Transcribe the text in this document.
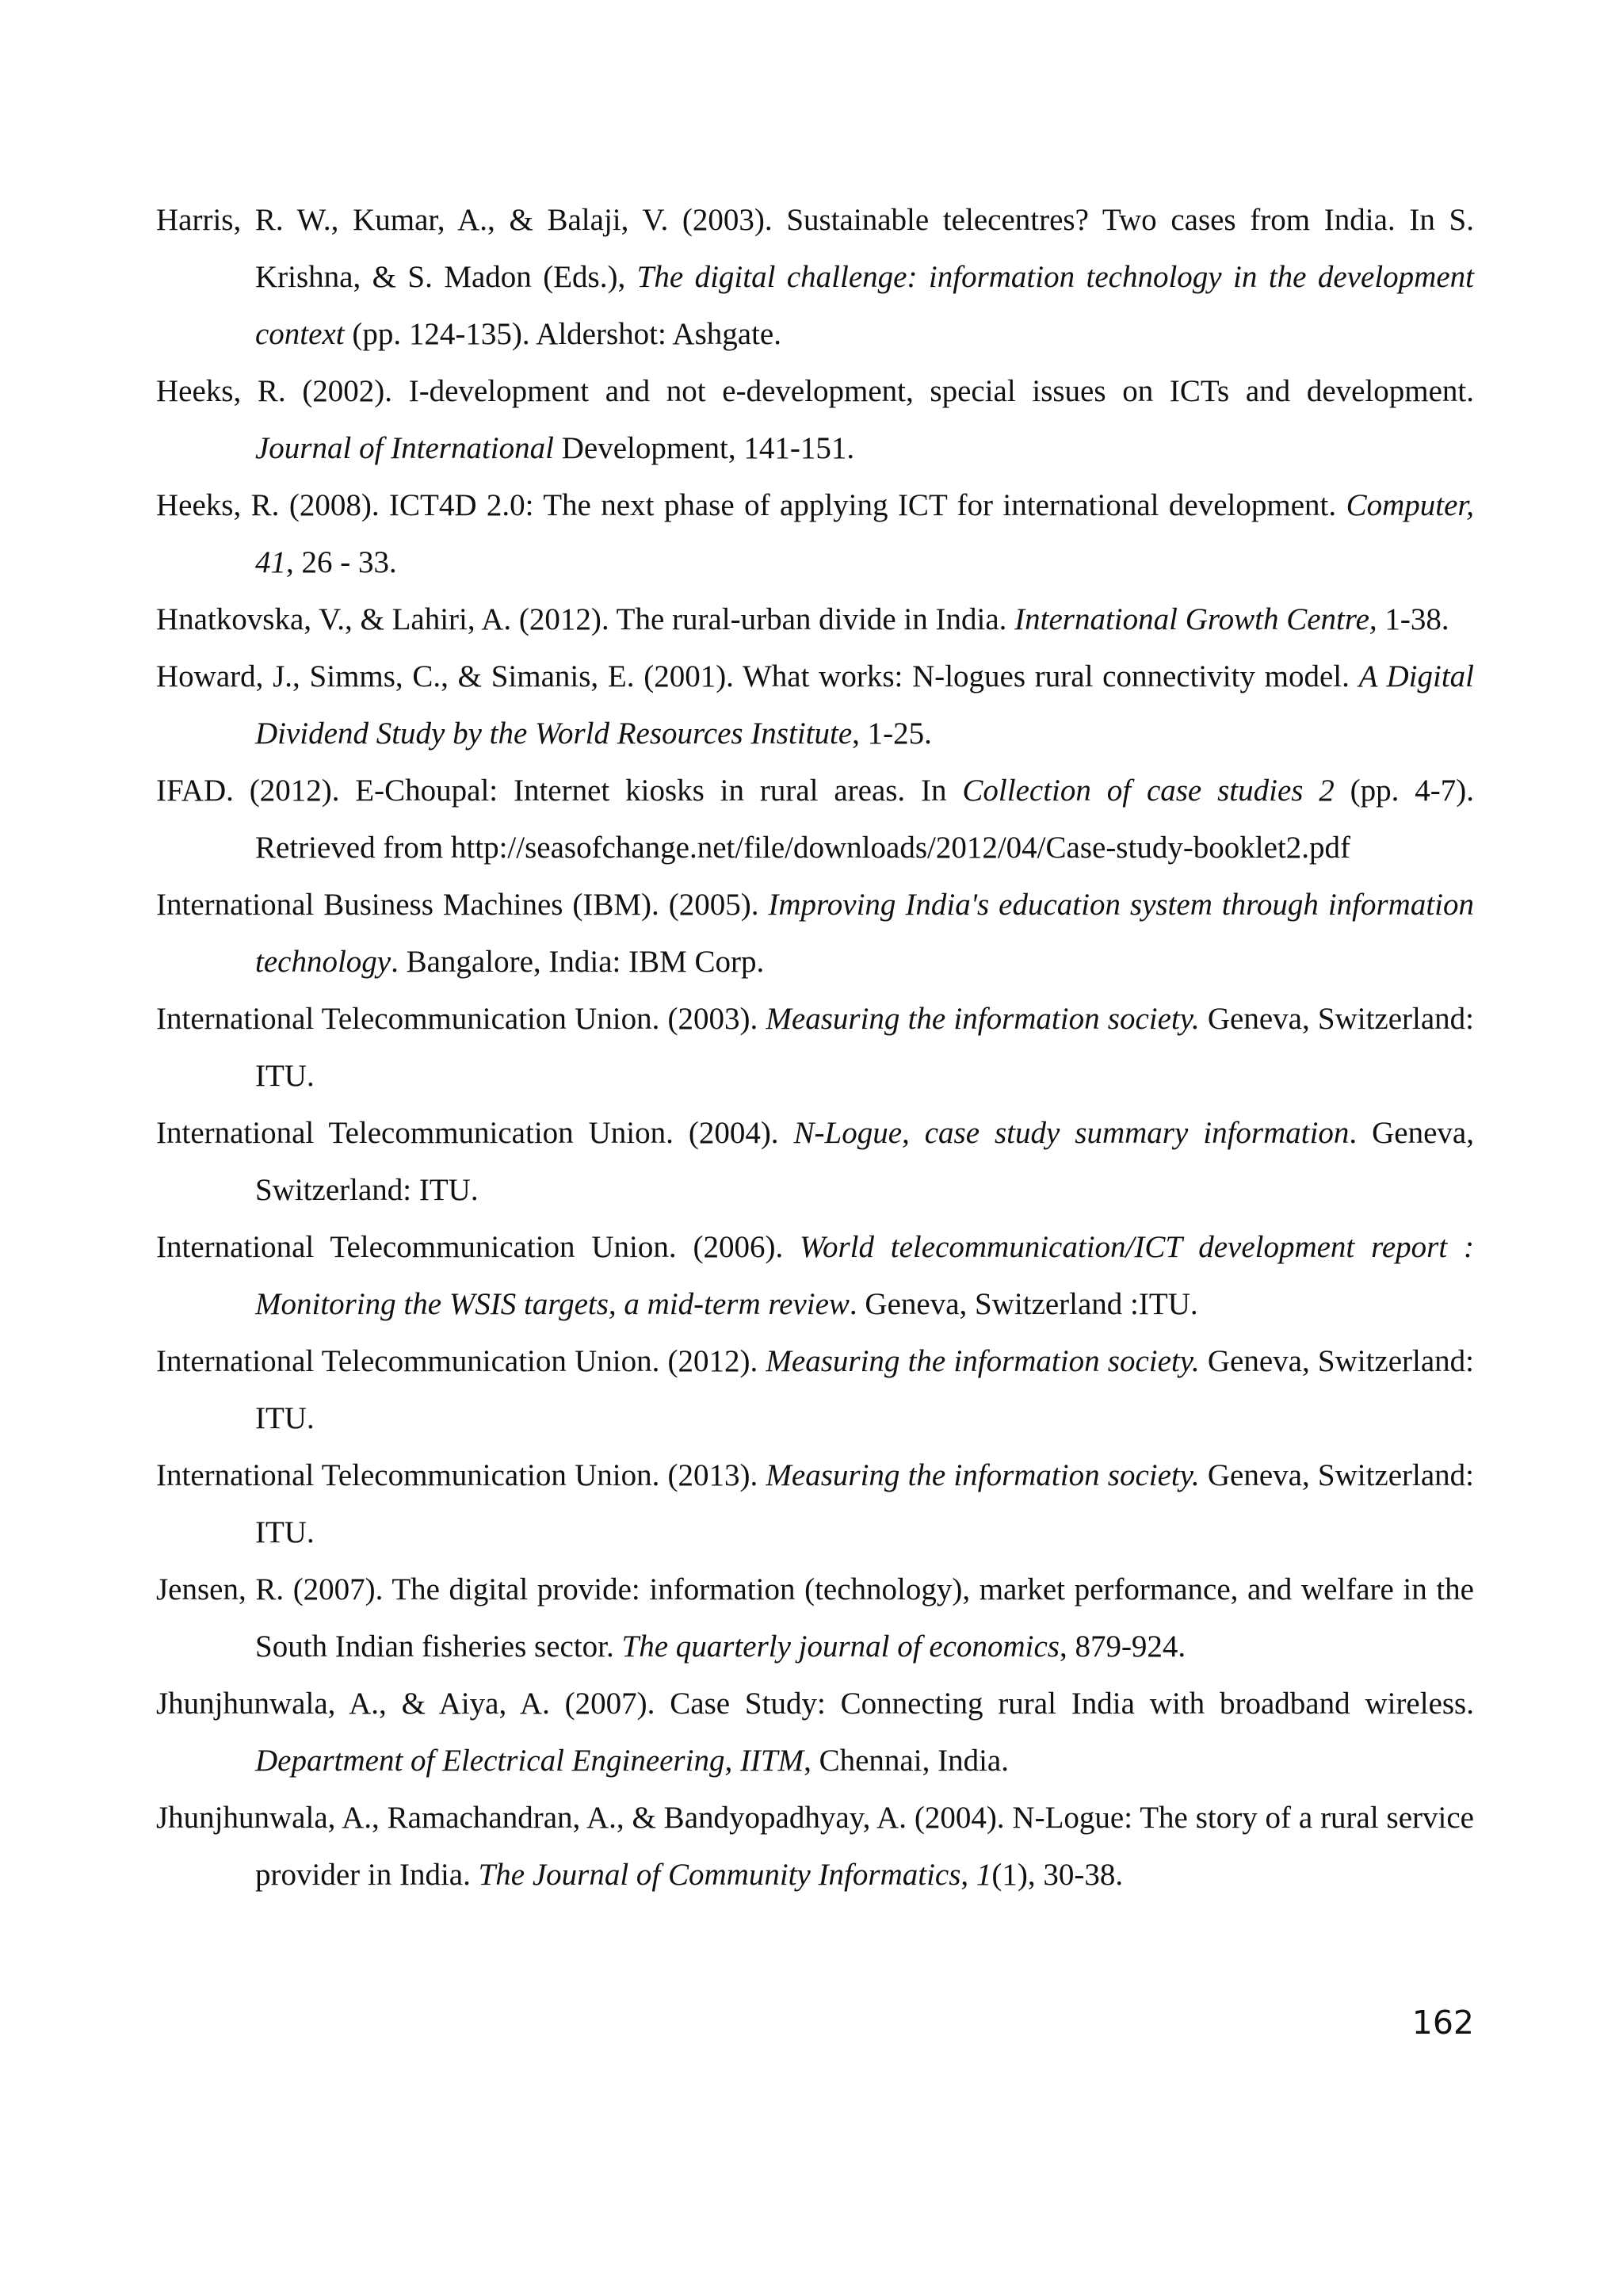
Harris, R. W., Kumar, A., & Balaji, V. (2003). Sustainable telecentres? Two cases from India. In S. Krishna, & S. Madon (Eds.), The digital challenge: information technology in the development context (pp. 124-135). Aldershot: Ashgate.
Heeks, R. (2002). I-development and not e-development, special issues on ICTs and development. Journal of International Development, 141-151.
Heeks, R. (2008). ICT4D 2.0: The next phase of applying ICT for international development. Computer, 41, 26 - 33.
Hnatkovska, V., & Lahiri, A. (2012). The rural-urban divide in India. International Growth Centre, 1-38.
Howard, J., Simms, C., & Simanis, E. (2001). What works: N-logues rural connectivity model. A Digital Dividend Study by the World Resources Institute, 1-25.
IFAD. (2012). E-Choupal: Internet kiosks in rural areas. In Collection of case studies 2 (pp. 4-7). Retrieved from http://seasofchange.net/file/downloads/2012/04/Case-study-booklet2.pdf
International Business Machines (IBM). (2005). Improving India's education system through information technology. Bangalore, India: IBM Corp.
International Telecommunication Union. (2003). Measuring the information society. Geneva, Switzerland: ITU.
International Telecommunication Union. (2004). N-Logue, case study summary information. Geneva, Switzerland: ITU.
International Telecommunication Union. (2006). World telecommunication/ICT development report : Monitoring the WSIS targets, a mid-term review. Geneva, Switzerland :ITU.
International Telecommunication Union. (2012). Measuring the information society. Geneva, Switzerland: ITU.
International Telecommunication Union. (2013). Measuring the information society. Geneva, Switzerland: ITU.
Jensen, R. (2007). The digital provide: information (technology), market performance, and welfare in the South Indian fisheries sector. The quarterly journal of economics, 879-924.
Jhunjhunwala, A., & Aiya, A. (2007). Case Study: Connecting rural India with broadband wireless. Department of Electrical Engineering, IITM, Chennai, India.
Jhunjhunwala, A., Ramachandran, A., & Bandyopadhyay, A. (2004). N-Logue: The story of a rural service provider in India. The Journal of Community Informatics, 1(1), 30-38.
162
